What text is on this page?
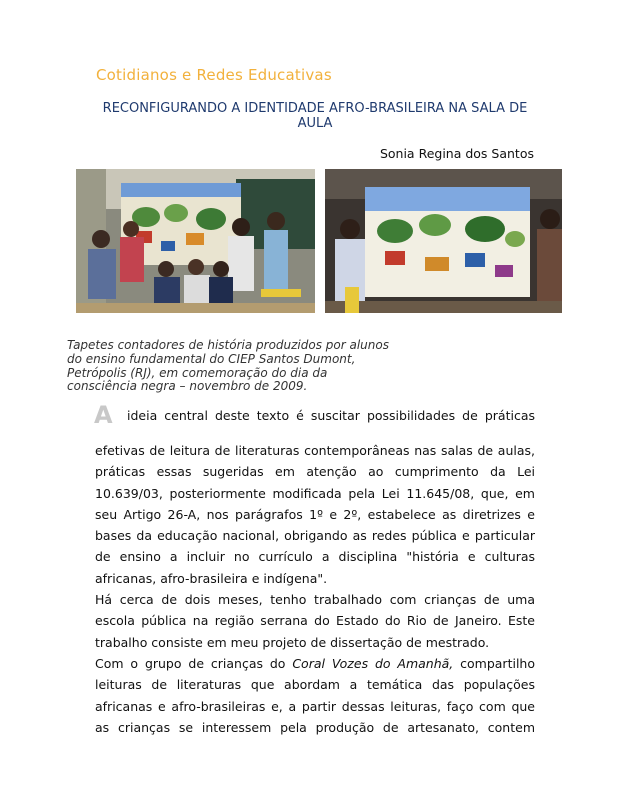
Cotidianos e Redes Educativas
RECONFIGURANDO A IDENTIDADE AFRO-BRASILEIRA NA SALA DE AULA
Sonia Regina dos Santos
Tapetes contadores de história produzidos por alunos do ensino fundamental do CIEP Santos Dumont, Petrópolis (RJ), em comemoração do dia da consciência negra – novembro de 2009.
A ideia central deste texto é suscitar possibilidades de práticas

efetivas de leitura de literaturas contemporâneas nas salas de aulas, práticas essas sugeridas em atenção ao cumprimento da Lei 10.639/03, posteriormente modificada pela Lei 11.645/08, que, em seu Artigo 26-A, nos parágrafos 1º e 2º, estabelece as diretrizes e bases da educação nacional, obrigando as redes pública e particular de ensino a incluir no currículo a disciplina "história e culturas africanas, afro-brasileira e indígena".

Há cerca de dois meses, tenho trabalhado com crianças de uma escola pública na região serrana do Estado do Rio de Janeiro. Este trabalho consiste em meu projeto de dissertação de mestrado.

Com o grupo de crianças do Coral Vozes do Amanhã, compartilho leituras de literaturas que abordam a temática das populações africanas e afro-brasileiras e, a partir dessas leituras, faço com que as crianças se interessem pela produção de artesanato, contem
